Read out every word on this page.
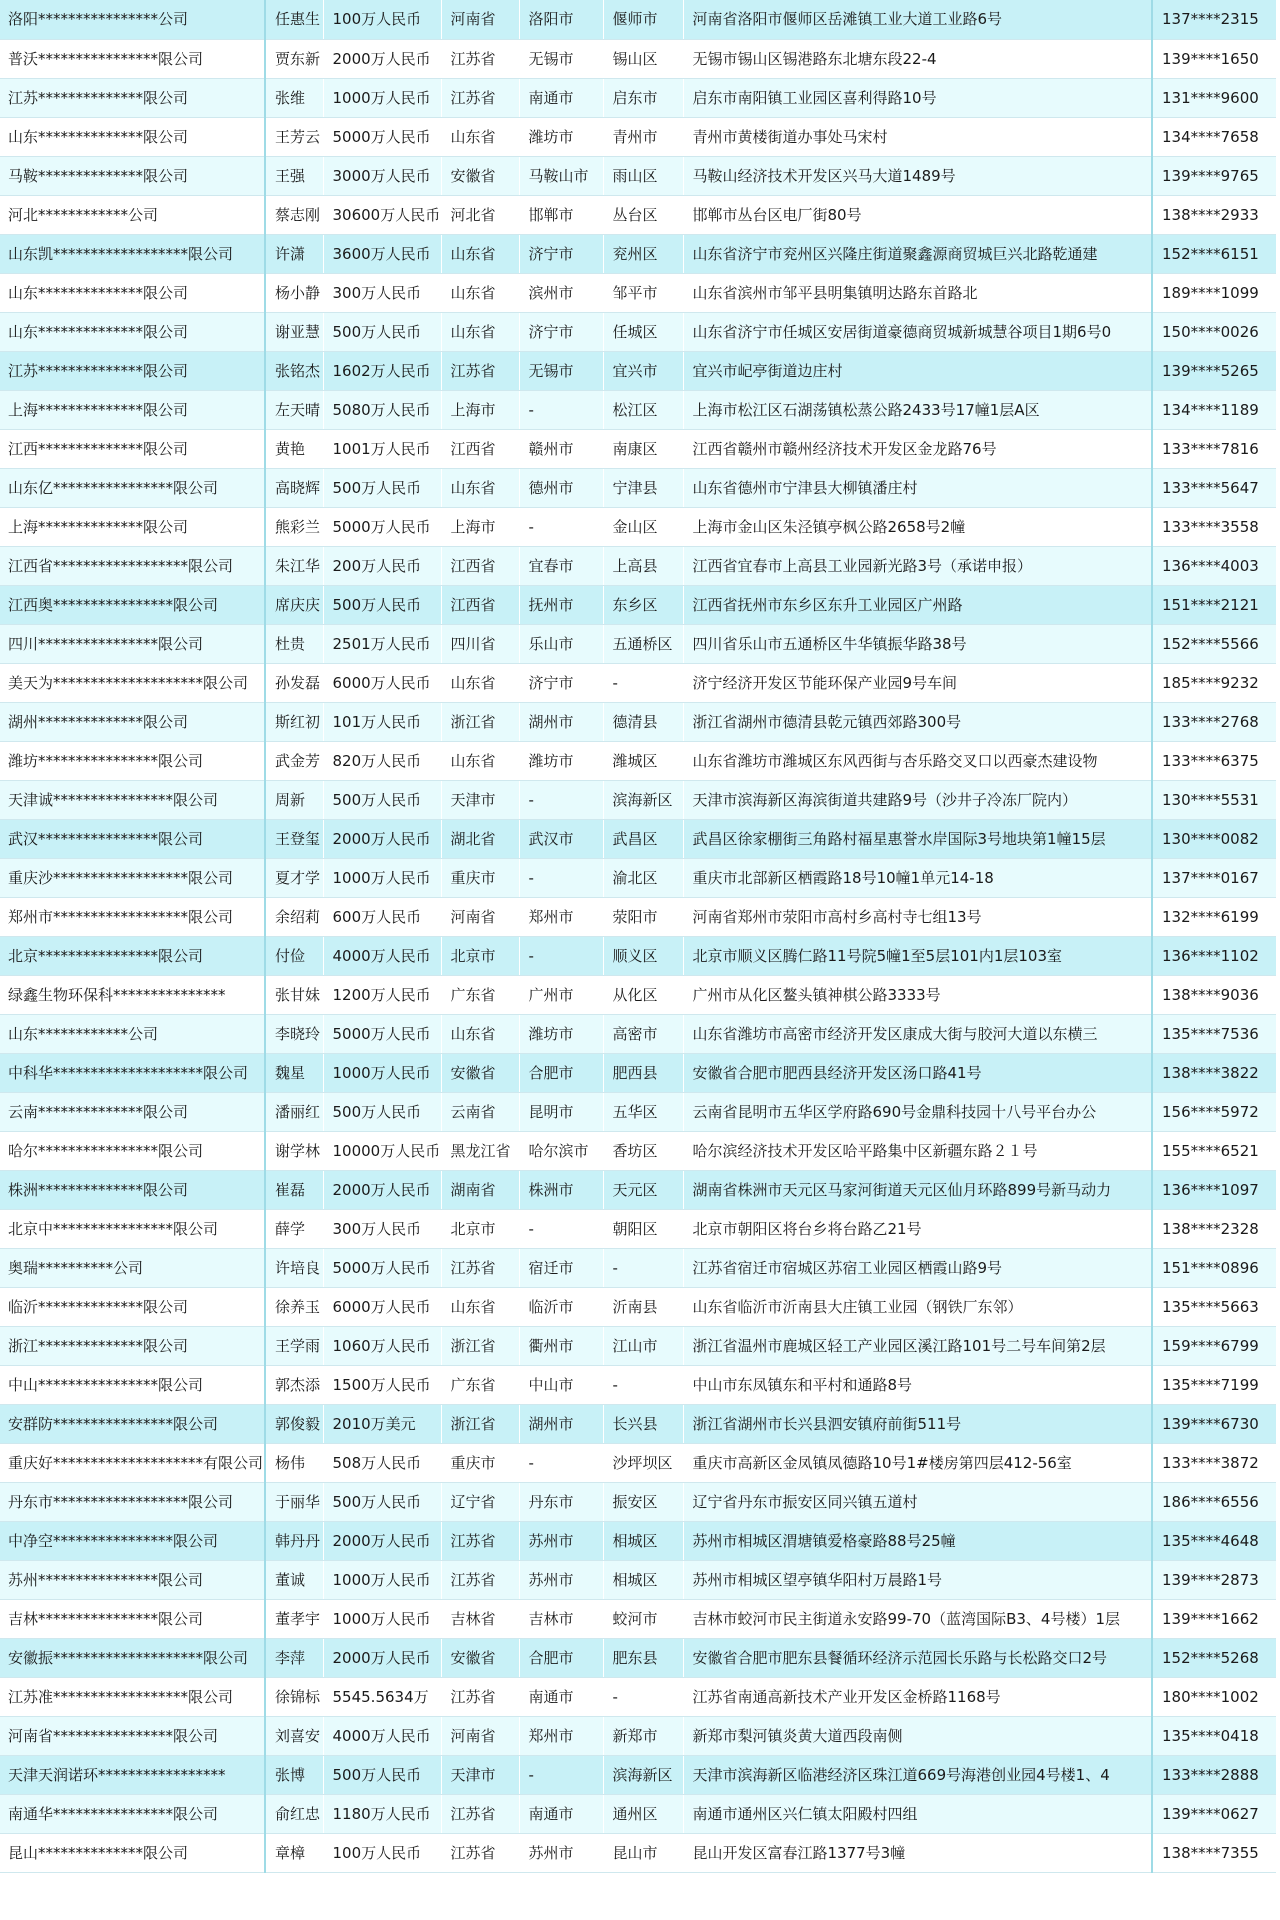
洛阳****************公司	任惠生	100万人民币	河南省	洛阳市	偃师市	河南省洛阳市偃师区岳滩镇工业大道工业路6号	137****2315
普沃****************限公司	贾东新	2000万人民币	江苏省	无锡市	锡山区	无锡市锡山区锡港路东北塘东段22-4	139****1650
江苏**************限公司	张维	1000万人民币	江苏省	南通市	启东市	启东市南阳镇工业园区喜利得路10号	131****9600
山东**************限公司	王芳云	5000万人民币	山东省	潍坊市	青州市	青州市黄楼街道办事处马宋村	134****7658
马鞍**************限公司	王强	3000万人民币	安徽省	马鞍山市	雨山区	马鞍山经济技术开发区兴马大道1489号	139****9765
河北************公司	蔡志刚	30600万人民币	河北省	邯郸市	丛台区	邯郸市丛台区电厂街80号	138****2933
山东凯******************限公司	许潇	3600万人民币	山东省	济宁市	兖州区	山东省济宁市兖州区兴隆庄街道聚鑫源商贸城巨兴北路乾通建	152****6151
山东**************限公司	杨小静	300万人民币	山东省	滨州市	邹平市	山东省滨州市邹平县明集镇明达路东首路北	189****1099
山东**************限公司	谢亚慧	500万人民币	山东省	济宁市	任城区	山东省济宁市任城区安居街道豪德商贸城新城慧谷项目1期6号0	150****0026
江苏**************限公司	张铭杰	1602万人民币	江苏省	无锡市	宜兴市	宜兴市屺亭街道边庄村	139****5265
上海**************限公司	左天晴	5080万人民币	上海市	-	松江区	上海市松江区石湖荡镇松蒸公路2433号17幢1层A区	134****1189
江西**************限公司	黄艳	1001万人民币	江西省	赣州市	南康区	江西省赣州市赣州经济技术开发区金龙路76号	133****7816
山东亿****************限公司	高晓辉	500万人民币	山东省	德州市	宁津县	山东省德州市宁津县大柳镇潘庄村	133****5647
上海**************限公司	熊彩兰	5000万人民币	上海市	-	金山区	上海市金山区朱泾镇亭枫公路2658号2幢	133****3558
江西省******************限公司	朱江华	200万人民币	江西省	宜春市	上高县	江西省宜春市上高县工业园新光路3号（承诺申报）	136****4003
江西奥****************限公司	席庆庆	500万人民币	江西省	抚州市	东乡区	江西省抚州市东乡区东升工业园区广州路	151****2121
四川****************限公司	杜贵	2501万人民币	四川省	乐山市	五通桥区	四川省乐山市五通桥区牛华镇振华路38号	152****5566
美天为********************限公司	孙发磊	6000万人民币	山东省	济宁市	-	济宁经济开发区节能环保产业园9号车间	185****9232
湖州**************限公司	斯红初	101万人民币	浙江省	湖州市	德清县	浙江省湖州市德清县乾元镇西郊路300号	133****2768
潍坊****************限公司	武金芳	820万人民币	山东省	潍坊市	潍城区	山东省潍坊市潍城区东风西街与杏乐路交叉口以西豪杰建设物	133****6375
天津诚****************限公司	周新	500万人民币	天津市	-	滨海新区	天津市滨海新区海滨街道共建路9号（沙井子冷冻厂院内）	130****5531
武汉****************限公司	王登玺	2000万人民币	湖北省	武汉市	武昌区	武昌区徐家棚街三角路村福星惠誉水岸国际3号地块第1幢15层	130****0082
重庆沙******************限公司	夏才学	1000万人民币	重庆市	-	渝北区	重庆市北部新区栖霞路18号10幢1单元14-18	137****0167
郑州市******************限公司	余绍莉	600万人民币	河南省	郑州市	荥阳市	河南省郑州市荥阳市高村乡高村寺七组13号	132****6199
北京****************限公司	付俭	4000万人民币	北京市	-	顺义区	北京市顺义区腾仁路11号院5幢1至5层101内1层103室	136****1102
绿鑫生物环保科***************	张甘妹	1200万人民币	广东省	广州市	从化区	广州市从化区鳌头镇神棋公路3333号	138****9036
山东************公司	李晓玲	5000万人民币	山东省	潍坊市	高密市	山东省潍坊市高密市经济开发区康成大街与胶河大道以东横三	135****7536
中科华********************限公司	魏星	1000万人民币	安徽省	合肥市	肥西县	安徽省合肥市肥西县经济开发区汤口路41号	138****3822
云南**************限公司	潘丽红	500万人民币	云南省	昆明市	五华区	云南省昆明市五华区学府路690号金鼎科技园十八号平台办公	156****5972
哈尔****************限公司	谢学林	10000万人民币	黑龙江省	哈尔滨市	香坊区	哈尔滨经济技术开发区哈平路集中区新疆东路２１号	155****6521
株洲**************限公司	崔磊	2000万人民币	湖南省	株洲市	天元区	湖南省株洲市天元区马家河街道天元区仙月环路899号新马动力	136****1097
北京中****************限公司	薛学	300万人民币	北京市	-	朝阳区	北京市朝阳区将台乡将台路乙21号	138****2328
奥瑞**********公司	许培良	5000万人民币	江苏省	宿迁市	-	江苏省宿迁市宿城区苏宿工业园区栖霞山路9号	151****0896
临沂**************限公司	徐养玉	6000万人民币	山东省	临沂市	沂南县	山东省临沂市沂南县大庄镇工业园（钢铁厂东邻）	135****5663
浙江**************限公司	王学雨	1060万人民币	浙江省	衢州市	江山市	浙江省温州市鹿城区轻工产业园区溪江路101号二号车间第2层	159****6799
中山****************限公司	郭杰添	1500万人民币	广东省	中山市	-	中山市东凤镇东和平村和通路8号	135****7199
安群防****************限公司	郭俊毅	2010万美元	浙江省	湖州市	长兴县	浙江省湖州市长兴县泗安镇府前街511号	139****6730
重庆好********************有限公司	杨伟	508万人民币	重庆市	-	沙坪坝区	重庆市高新区金凤镇凤德路10号1#楼房第四层412-56室	133****3872
丹东市******************限公司	于丽华	500万人民币	辽宁省	丹东市	振安区	辽宁省丹东市振安区同兴镇五道村	186****6556
中净空****************限公司	韩丹丹	2000万人民币	江苏省	苏州市	相城区	苏州市相城区渭塘镇爱格豪路88号25幢	135****4648
苏州****************限公司	董诚	1000万人民币	江苏省	苏州市	相城区	苏州市相城区望亭镇华阳村万晨路1号	139****2873
吉林****************限公司	董孝宇	1000万人民币	吉林省	吉林市	蛟河市	吉林市蛟河市民主街道永安路99-70（蓝湾国际B3、4号楼）1层	139****1662
安徽振********************限公司	李萍	2000万人民币	安徽省	合肥市	肥东县	安徽省合肥市肥东县餐循环经济示范园长乐路与长松路交口2号	152****5268
江苏准******************限公司	徐锦标	5545.5634万	江苏省	南通市	-	江苏省南通高新技术产业开发区金桥路1168号	180****1002
河南省****************限公司	刘喜安	4000万人民币	河南省	郑州市	新郑市	新郑市梨河镇炎黄大道西段南侧	135****0418
天津天润诺环*****************	张博	500万人民币	天津市	-	滨海新区	天津市滨海新区临港经济区珠江道669号海港创业园4号楼1、4	133****2888
南通华****************限公司	俞红忠	1180万人民币	江苏省	南通市	通州区	南通市通州区兴仁镇太阳殿村四组	139****0627
昆山**************限公司	章樟	100万人民币	江苏省	苏州市	昆山市	昆山开发区富春江路1377号3幢	138****7355
